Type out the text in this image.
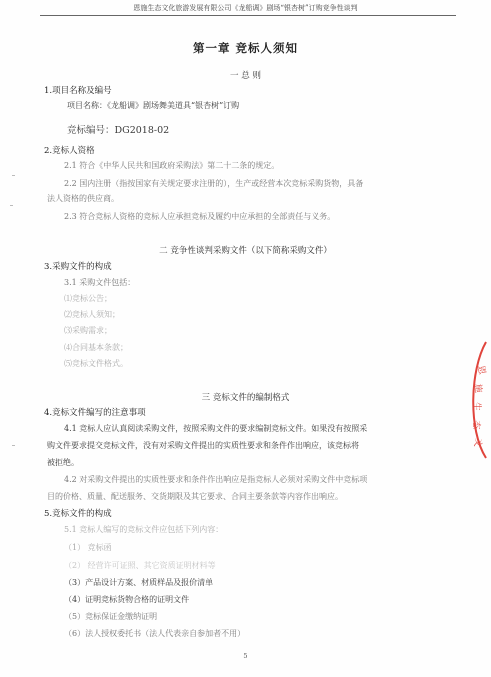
恩施生态文化旅游发展有限公司《龙船调》剧场“银杏树”订购竞争性谈判
第一章 竞标人须知
一 总 则
1.项目名称及编号
项目名称：《龙船调》剧场舞美道具“银杏树”订购
竞标编号：DG2018-02
2.竞标人资格
2.1 符合《中华人民共和国政府采购法》第二十二条的规定。
2.2 国内注册（指按国家有关规定要求注册的），生产或经营本次竞标采购货物，具备
法人资格的供应商。
2.3 符合竞标人资格的竞标人应承担竞标及履约中应承担的全部责任与义务。
二 竞争性谈判采购文件（以下简称采购文件）
3.采购文件的构成
3.1 采购文件包括：
⑴竞标公告；
⑵竞标人须知；
⑶采购需求；
⑷合同基本条款；
⑸竞标文件格式。
三 竞标文件的编制格式
4.竞标文件编写的注意事项
4.1 竞标人应认真阅读采购文件，按照采购文件的要求编制竞标文件。如果没有按照采
购文件要求提交竞标文件，没有对采购文件提出的实质性要求和条件作出响应，该竞标将
被拒绝。
4.2 对采购文件提出的实质性要求和条件作出响应是指竞标人必须对采购文件中竞标项
目的价格、质量、配送服务、交货期限及其它要求、合同主要条款等内容作出响应。
5.竞标文件的构成
5.1 竞标人编写的竞标文件应包括下列内容：
（1） 竞标函
（2） 经营许可证照、其它资质证明材料等
（3）产品设计方案、材质样品及报价清单
（4）证明竞标货物合格的证明文件
（5）竞标保证金缴纳证明
（6）法人授权委托书（法人代表亲自参加者不用）
5
恩
施
生
态
文
